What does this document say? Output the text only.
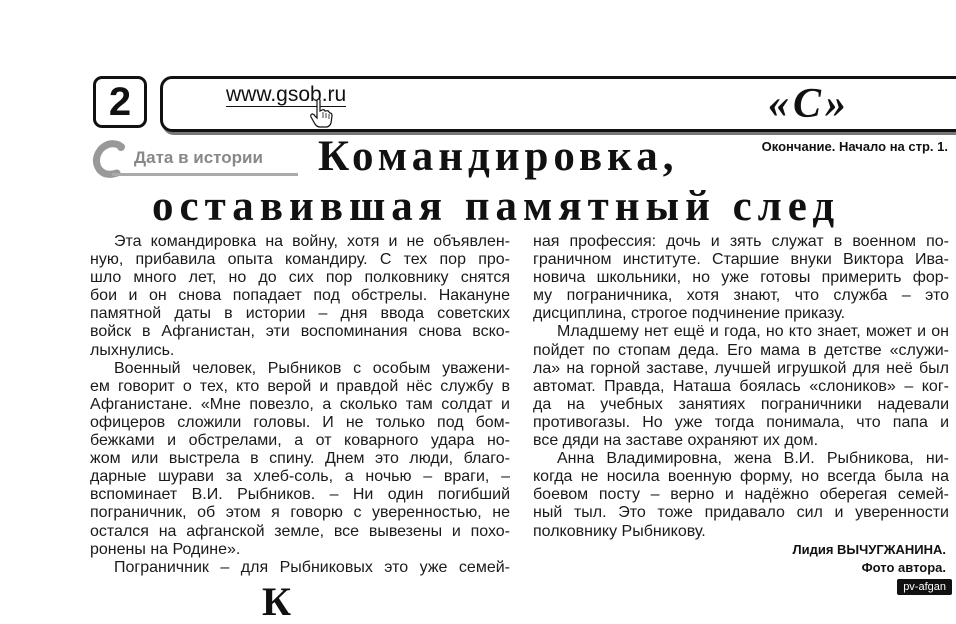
2	www.gsob.ru	«С»
Дата в истории
Окончание. Начало на стр. 1.
Командировка,
оставившая памятный след
Эта командировка на войну, хотя и не объявлен-
ную, прибавила опыта командиру. С тех пор про-
шло много лет, но до сих пор полковнику снятся
бои и он снова попадает под обстрелы. Накануне
памятной даты в истории – дня ввода советских
войск в Афганистан, эти воспоминания снова вско-
лыхнулись.
Военный человек, Рыбников с особым уважени-
ем говорит о тех, кто верой и правдой нёс службу в
Афганистане. «Мне повезло, а сколько там солдат и
офицеров сложили головы. И не только под бом-
бежками и обстрелами, а от коварного удара но-
жом или выстрела в спину. Днем это люди, благо-
дарные шурави за хлеб-соль, а ночью – враги, –
вспоминает В.И. Рыбников. – Ни один погибший
пограничник, об этом я говорю с уверенностью, не
остался на афганской земле, все вывезены и похо-
ронены на Родине».
Пограничник – для Рыбниковых это уже семей-
ная профессия: дочь и зять служат в военном по-
граничном институте. Старшие внуки Виктора Ива-
новича школьники, но уже готовы примерить фор-
му пограничника, хотя знают, что служба – это
дисциплина, строгое подчинение приказу.
Младшему нет ещё и года, но кто знает, может и он
пойдет по стопам деда. Его мама в детстве «служи-
ла» на горной заставе, лучшей игрушкой для неё был
автомат. Правда, Наташа боялась «слоников» – ког-
да на учебных занятиях пограничники надевали
противогазы. Но уже тогда понимала, что папа и
все дяди на заставе охраняют их дом.
Анна Владимировна, жена В.И. Рыбникова, ни-
когда не носила военную форму, но всегда была на
боевом посту – верно и надёжно оберегая семей-
ный тыл. Это тоже придавало сил и уверенности
полковнику Рыбникову.
Лидия ВЫЧУГЖАНИНА.
Фото автора.
К	pv-afgan
